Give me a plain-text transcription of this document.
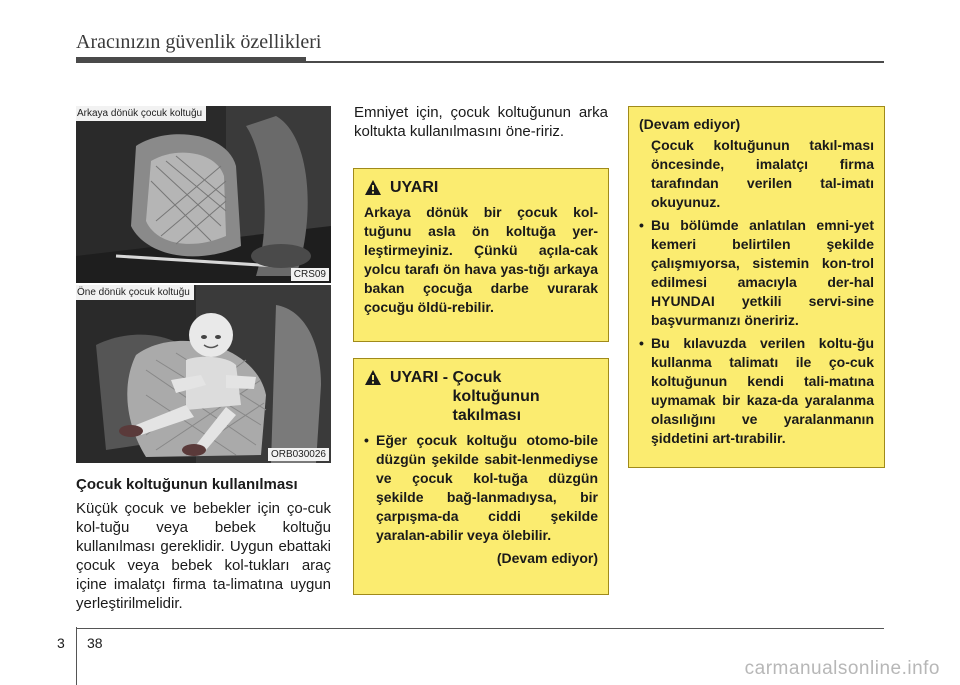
Aracınızın güvenlik özellikleri
Arkaya dönük çocuk koltuğu
CRS09
Öne dönük çocuk koltuğu
ORB030026
Çocuk koltuğunun kullanılması

Küçük çocuk ve bebekler için ço-cuk kol-tuğu veya bebek koltuğu kullanılması gereklidir. Uygun ebattaki çocuk veya bebek kol-tukları araç içine imalatçı firma ta-limatına uygun yerleştirilmelidir.

Emniyet için, çocuk koltuğunun arka koltukta kullanılmasını öne-ririz.

UYARI

Arkaya dönük bir çocuk kol-tuğunu asla ön koltuğa yer-leştirmeyiniz. Çünkü açıla-cak yolcu tarafı ön hava yas-tığı arkaya bakan çocuğa darbe vurarak çocuğu öldü-rebilir.

UYARI - Çocuk koltuğunun takılması
• Eğer çocuk koltuğu otomo-bile düzgün şekilde sabit-lenmediyse ve çocuk kol-tuğa düzgün şekilde bağ-lanmadıysa, bir çarpışma-da ciddi şekilde yaralan-abilir veya ölebilir.
(Devam ediyor)

(Devam ediyor)

Çocuk koltuğunun takıl-ması öncesinde, imalatçı firma tarafından verilen tal-imatı okuyunuz.

• Bu bölümde anlatılan emni-yet kemeri belirtilen şekilde çalışmıyorsa, sistemin kon-trol edilmesi amacıyla der-hal HYUNDAI yetkili servi-sine başvurmanızı öneririz.
• Bu kılavuzda verilen koltu-ğu kullanma talimatı ile ço-cuk koltuğunun kendi tali-matına uymamak bir kaza-da yaralanma olasılığını ve yaralanmanın şiddetini art-tırabilir.
3 38
carmanualsonline.info
